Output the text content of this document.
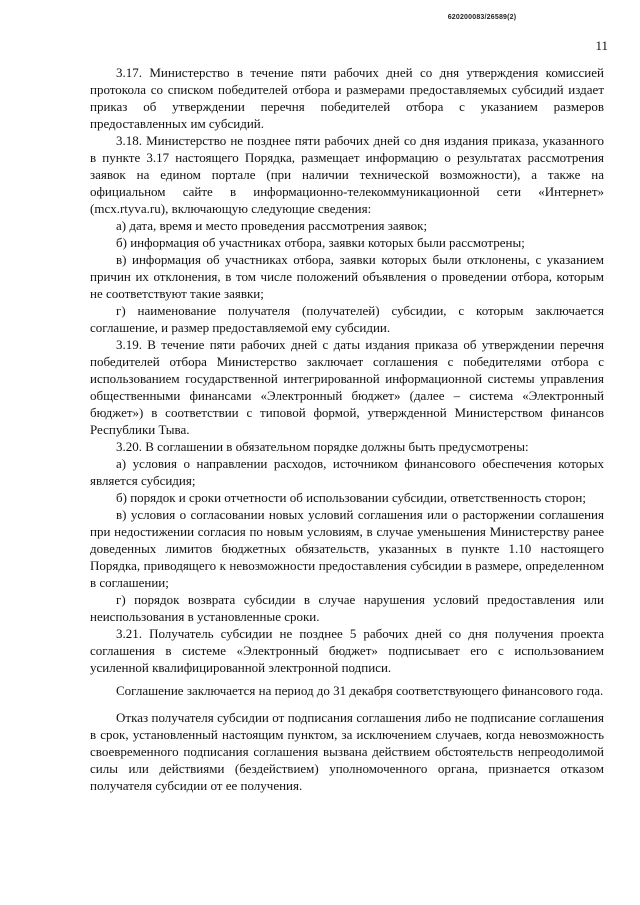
620200083/26589(2)
11

3.17. Министерство в течение пяти рабочих дней со дня утверждения комиссией протокола со списком победителей отбора и размерами предоставляемых субсидий издает приказ об утверждении перечня победителей отбора с указанием размеров предоставленных им субсидий.

3.18. Министерство не позднее пяти рабочих дней со дня издания приказа, указанного в пункте 3.17 настоящего Порядка, размещает информацию о результатах рассмотрения заявок на едином портале (при наличии технической возможности), а также на официальном сайте в информационно-телекоммуникационной сети «Интернет» (mcx.rtyva.ru), включающую следующие сведения:

а) дата, время и место проведения рассмотрения заявок;

б) информация об участниках отбора, заявки которых были рассмотрены;

в) информация об участниках отбора, заявки которых были отклонены, с указанием причин их отклонения, в том числе положений объявления о проведении отбора, которым не соответствуют такие заявки;

г) наименование получателя (получателей) субсидии, с которым заключается соглашение, и размер предоставляемой ему субсидии.

3.19. В течение пяти рабочих дней с даты издания приказа об утверждении перечня победителей отбора Министерство заключает соглашения с победителями отбора с использованием государственной интегрированной информационной системы управления общественными финансами «Электронный бюджет» (далее – система «Электронный бюджет») в соответствии с типовой формой, утвержденной Министерством финансов Республики Тыва.

3.20. В соглашении в обязательном порядке должны быть предусмотрены:

а) условия о направлении расходов, источником финансового обеспечения которых является субсидия;

б) порядок и сроки отчетности об использовании субсидии, ответственность сторон;

в) условия о согласовании новых условий соглашения или о расторжении соглашения при недостижении согласия по новым условиям, в случае уменьшения Министерству ранее доведенных лимитов бюджетных обязательств, указанных в пункте 1.10 настоящего Порядка, приводящего к невозможности предоставления субсидии в размере, определенном в соглашении;

г) порядок возврата субсидии в случае нарушения условий предоставления или неиспользования в установленные сроки.

3.21. Получатель субсидии не позднее 5 рабочих дней со дня получения проекта соглашения в системе «Электронный бюджет» подписывает его с использованием усиленной квалифицированной электронной подписи.

Соглашение заключается на период до 31 декабря соответствующего финансового года.

Отказ получателя субсидии от подписания соглашения либо не подписание соглашения в срок, установленный настоящим пунктом, за исключением случаев, когда невозможность своевременного подписания соглашения вызвана действием обстоятельств непреодолимой силы или действиями (бездействием) уполномоченного органа, признается отказом получателя субсидии от ее получения.
